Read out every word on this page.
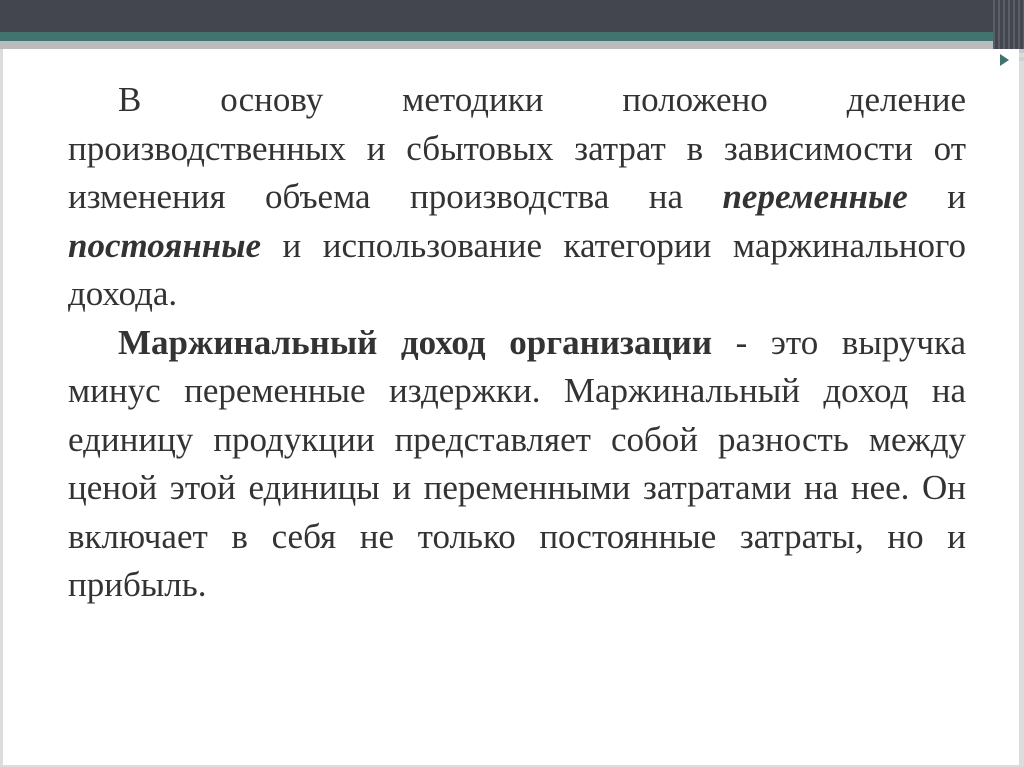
В основу методики положено деление производственных и сбытовых затрат в зависимости от изменения объема производства на переменные и постоянные и использование категории маржинального дохода.

Маржинальный доход организации - это выручка минус переменные издержки. Маржинальный доход на единицу продукции представляет собой разность между ценой этой единицы и переменными затратами на нее. Он включает в себя не только постоянные затраты, но и прибыль.
